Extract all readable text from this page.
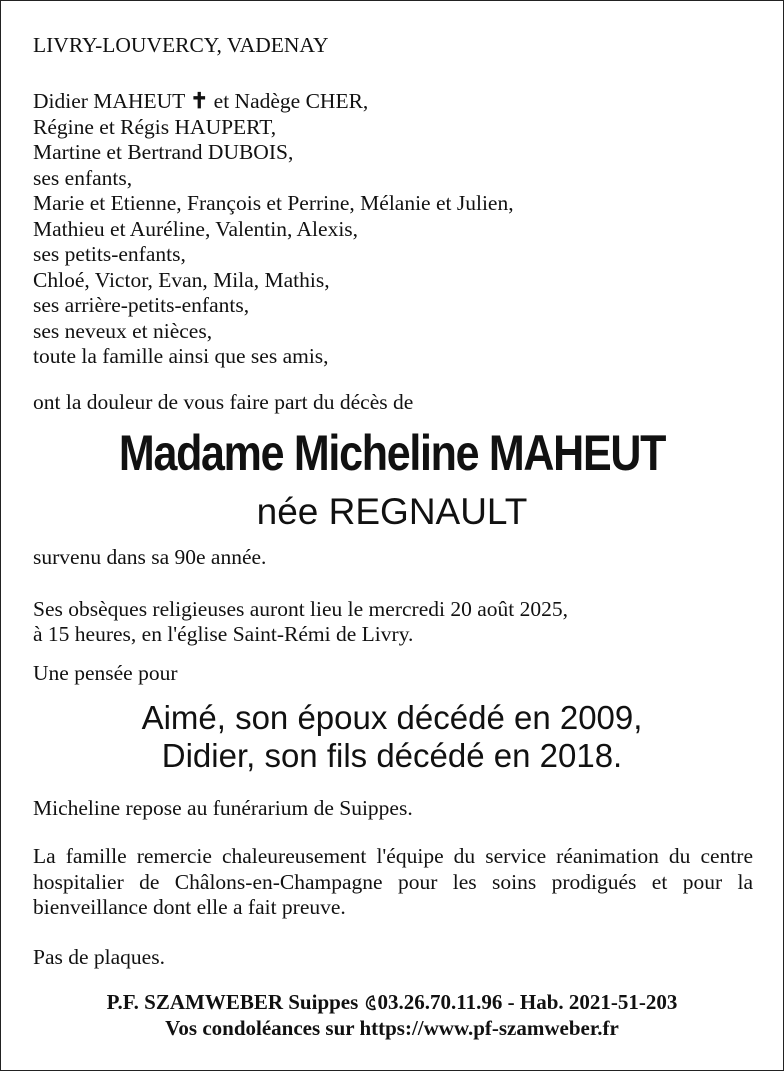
LIVRY-LOUVERCY, VADENAY
Didier MAHEUT ✝ et Nadège CHER,
Régine et Régis HAUPERT,
Martine et Bertrand DUBOIS,
ses enfants,
Marie et Etienne, François et Perrine, Mélanie et Julien,
Mathieu et Auréline, Valentin, Alexis,
ses petits-enfants,
Chloé, Victor, Evan, Mila, Mathis,
ses arrière-petits-enfants,
ses neveux et nièces,
toute la famille ainsi que ses amis,
ont la douleur de vous faire part du décès de
Madame Micheline MAHEUT
née REGNAULT
survenu dans sa 90e année.
Ses obsèques religieuses auront lieu le mercredi 20 août 2025,
à 15 heures, en l'église Saint-Rémi de Livry.
Une pensée pour
Aimé, son époux décédé en 2009,
Didier, son fils décédé en 2018.
Micheline repose au funérarium de Suippes.
La famille remercie chaleureusement l'équipe du service réanimation du centre hospitalier de Châlons-en-Champagne pour les soins prodigués et pour la bienveillance dont elle a fait preuve.
Pas de plaques.
P.F. SZAMWEBER Suippes 03.26.70.11.96 - Hab. 2021-51-203
Vos condoléances sur https://www.pf-szamweber.fr
